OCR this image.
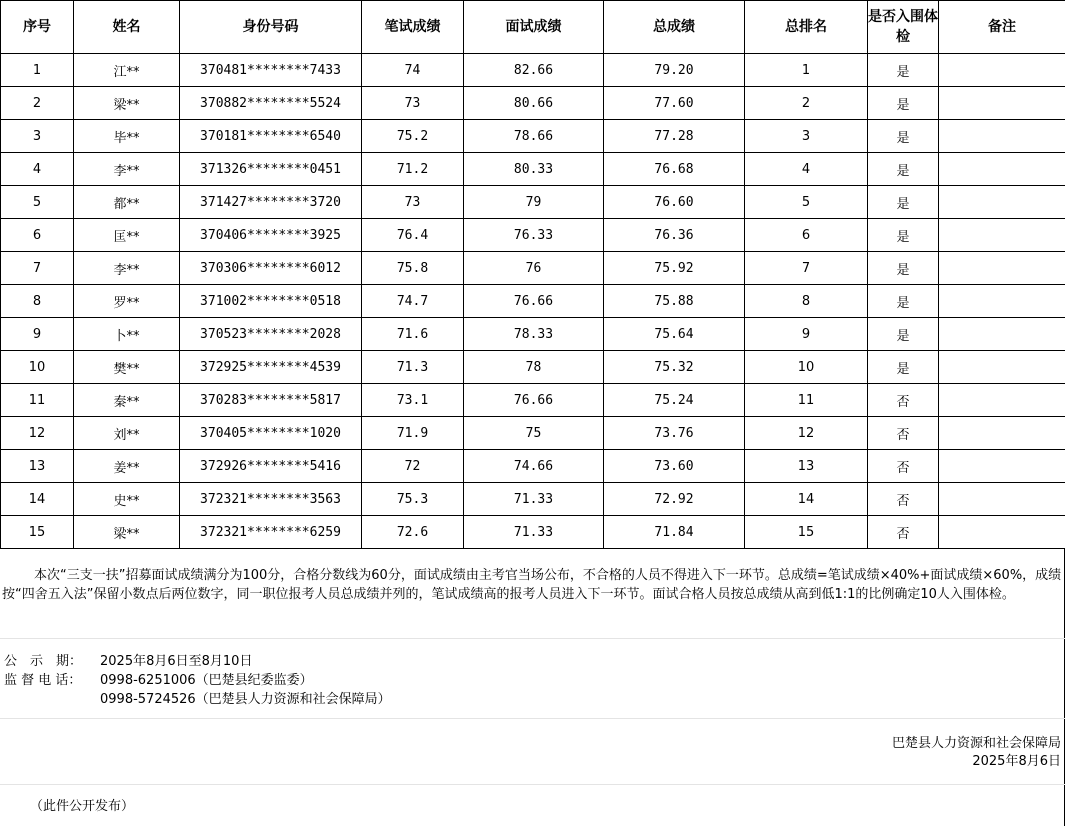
序号	姓名	身份号码	笔试成绩	面试成绩	总成绩	总排名	是否入围体检	备注
1	江**	370481********7433	74	82.66	79.20	1	是	
2	梁**	370882********5524	73	80.66	77.60	2	是	
3	毕**	370181********6540	75.2	78.66	77.28	3	是	
4	李**	371326********0451	71.2	80.33	76.68	4	是	
5	都**	371427********3720	73	79	76.60	5	是	
6	匡**	370406********3925	76.4	76.33	76.36	6	是	
7	李**	370306********6012	75.8	76	75.92	7	是	
8	罗**	371002********0518	74.7	76.66	75.88	8	是	
9	卜**	370523********2028	71.6	78.33	75.64	9	是	
10	樊**	372925********4539	71.3	78	75.32	10	是	
11	秦**	370283********5817	73.1	76.66	75.24	11	否	
12	刘**	370405********1020	71.9	75	73.76	12	否	
13	姜**	372926********5416	72	74.66	73.60	13	否	
14	史**	372321********3563	75.3	71.33	72.92	14	否	
15	梁**	372321********6259	72.6	71.33	71.84	15	否	
本次“三支一扶”招募面试成绩满分为100分，合格分数线为60分，面试成绩由主考官当场公布，不合格的人员不得进入下一环节。总成绩=笔试成绩×40%+面试成绩×60%，成绩按“四舍五入法”保留小数点后两位数字，同一职位报考人员总成绩并列的，笔试成绩高的报考人员进入下一环节。面试合格人员按总成绩从高到低1:1的比例确定10人入围体检。
公　示　期： 2025年8月6日至8月10日
监 督 电 话： 0998-6251006（巴楚县纪委监委）
0998-5724526（巴楚县人力资源和社会保障局）
巴楚县人力资源和社会保障局
2025年8月6日
（此件公开发布）
